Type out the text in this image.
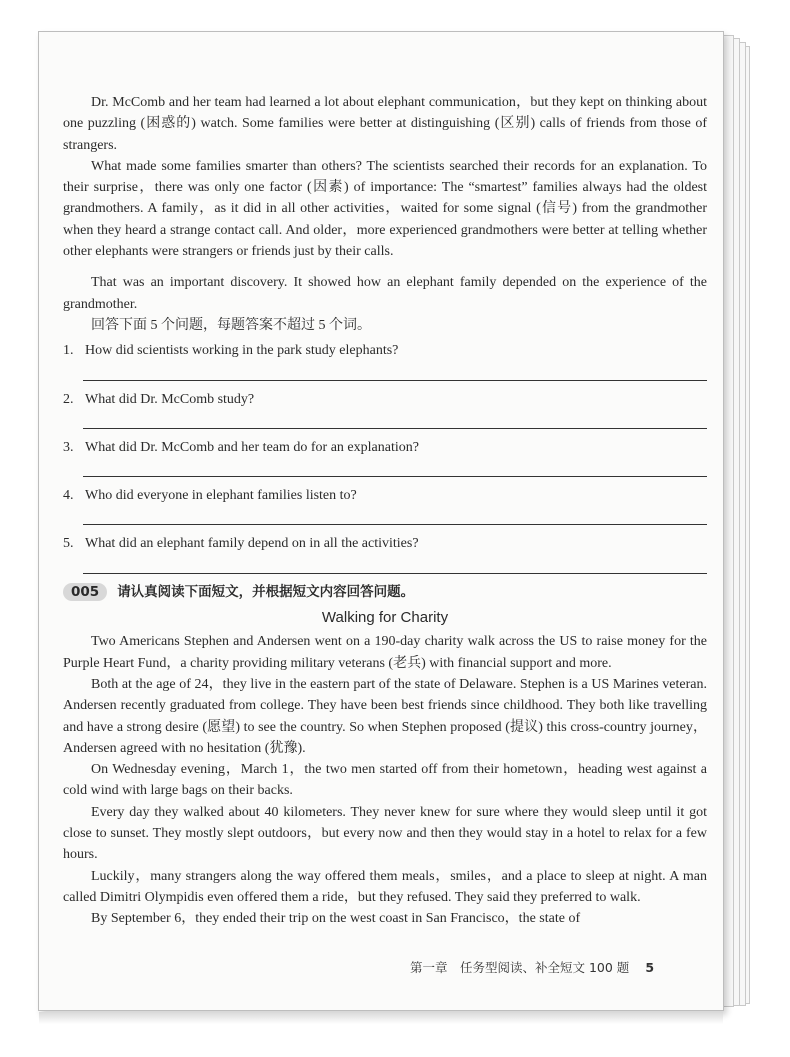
Dr. McComb and her team had learned a lot about elephant communication，but they kept on thinking about one puzzling (困惑的) watch. Some families were better at distinguishing (区别) calls of friends from those of strangers.

What made some families smarter than others? The scientists searched their records for an explanation. To their surprise，there was only one factor (因素) of importance: The “smartest” families always had the oldest grandmothers. A family，as it did in all other activities，waited for some signal (信号) from the grandmother when they heard a strange contact call. And older，more experienced grandmothers were better at telling whether other elephants were strangers or friends just by their calls.

That was an important discovery. It showed how an elephant family depended on the experience of the grandmother.

回答下面 5 个问题，每题答案不超过 5 个词。
1. How did scientists working in the park study elephants?
2. What did Dr. McComb study?
3. What did Dr. McComb and her team do for an explanation?
4. Who did everyone in elephant families listen to?
5. What did an elephant family depend on in all the activities?
005	请认真阅读下面短文，并根据短文内容回答问题。
Walking for Charity

Two Americans Stephen and Andersen went on a 190-day charity walk across the US to raise money for the Purple Heart Fund，a charity providing military veterans (老兵) with financial support and more.

Both at the age of 24，they live in the eastern part of the state of Delaware. Stephen is a US Marines veteran. Andersen recently graduated from college. They have been best friends since childhood. They both like travelling and have a strong desire (愿望) to see the country. So when Stephen proposed (提议) this cross-country journey，Andersen agreed with no hesitation (犹豫).

On Wednesday evening，March 1，the two men started off from their hometown，heading west against a cold wind with large bags on their backs.

Every day they walked about 40 kilometers. They never knew for sure where they would sleep until it got close to sunset. They mostly slept outdoors，but every now and then they would stay in a hotel to relax for a few hours.

Luckily，many strangers along the way offered them meals，smiles，and a place to sleep at night. A man called Dimitri Olympidis even offered them a ride，but they refused. They said they preferred to walk.

By September 6，they ended their trip on the west coast in San Francisco，the state of

第一章　任务型阅读、补全短文 100 题 5
